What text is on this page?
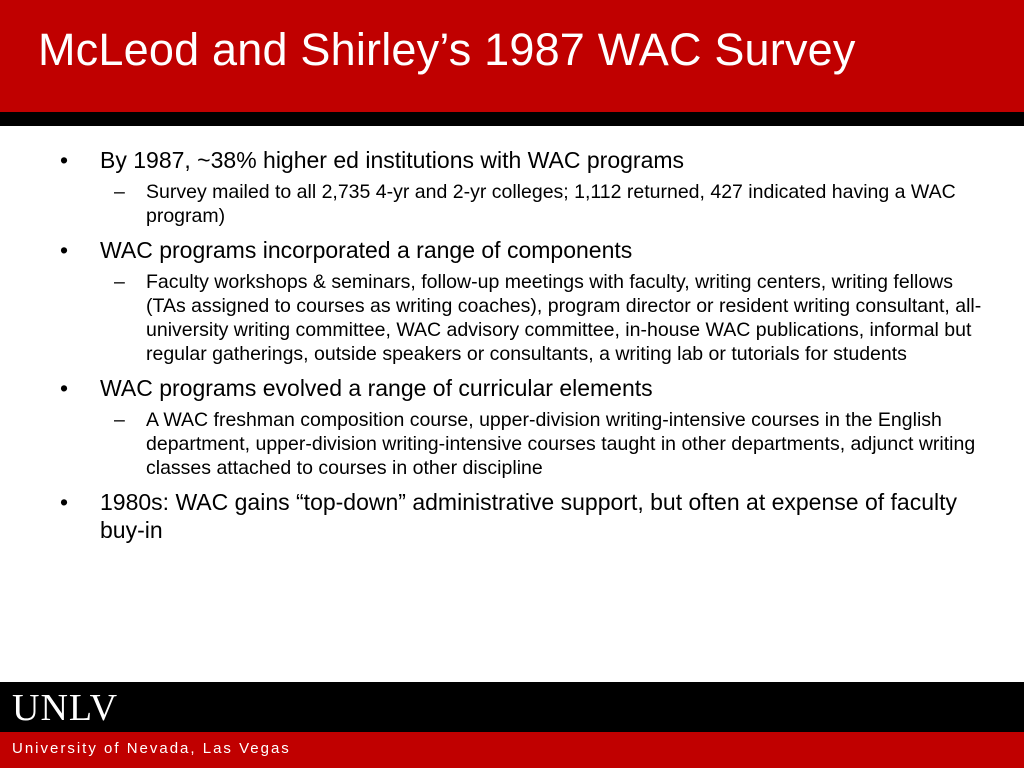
McLeod and Shirley’s 1987 WAC Survey
• By 1987, ~38% higher ed institutions with WAC programs
– Survey mailed to all 2,735 4-yr and 2-yr colleges; 1,112 returned, 427 indicated having a WAC program)
• WAC programs incorporated a range of components
– Faculty workshops & seminars, follow-up meetings with faculty, writing centers, writing fellows (TAs assigned to courses as writing coaches), program director or resident writing consultant, all-university writing committee, WAC advisory committee, in-house WAC publications, informal but regular gatherings, outside speakers or consultants, a writing lab or tutorials for students
• WAC programs evolved a range of curricular elements
– A WAC freshman composition course, upper-division writing-intensive courses in the English department, upper-division writing-intensive courses taught in other departments, adjunct writing classes attached to courses in other discipline
• 1980s: WAC gains “top-down” administrative support, but often at expense of faculty buy-in
UNLV
University of Nevada, Las Vegas
